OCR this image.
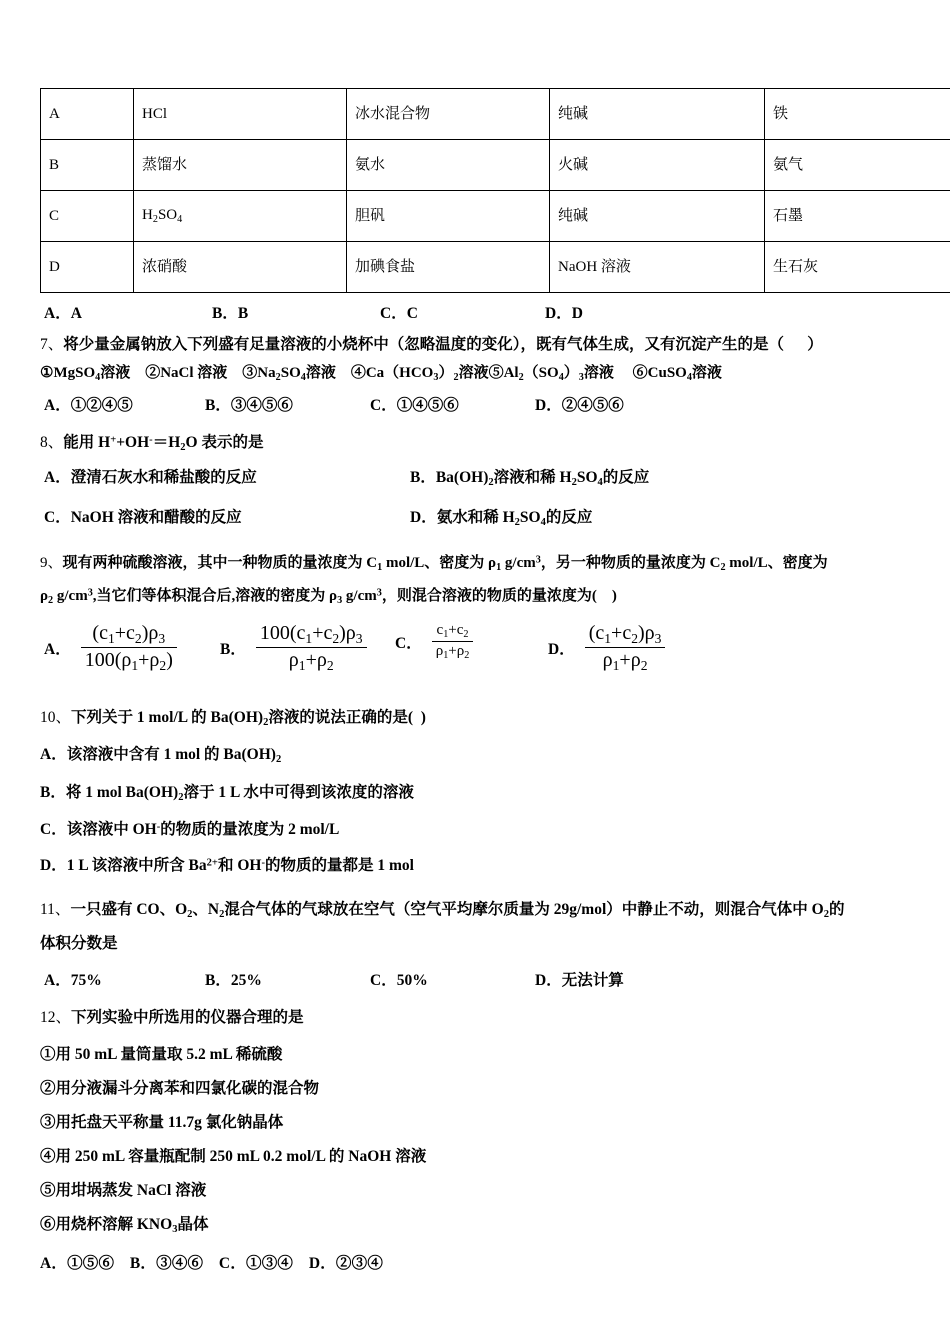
A	HCl	冰水混合物	纯碱	铁
B	蒸馏水	氨水	火碱	氨气
C	$H_2SO_4$	胆矾	纯碱	石墨
D	浓硝酸	加碘食盐	NaOH 溶液	生石灰
A．A	B．B	C．C	D．D
7、将少量金属钠放入下列盛有足量溶液的小烧杯中（忽略温度的变化），既有气体生成，又有沉淀产生的是（      ）
①MgSO$_4$溶液    ②NaCl 溶液    $③Na_2SO_4$溶液    $④Ca(HCO_3)_2$溶液$⑤Al_2(SO_4)_3$溶液     ⑥CuSO$_4$溶液
A．①②④⑤	B．③④⑤⑥	C．①④⑤⑥	D．②④⑤⑥
8、能用 $H^++OH^-=H_2O$ 表示的是
A．澄清石灰水和稀盐酸的反应	B．$Ba(OH)_2$溶液和稀 $H_2SO_4$的反应
C．NaOH 溶液和醋酸的反应	D．氨水和稀 $H_2SO_4$的反应
9、现有两种硫酸溶液，其中一种物质的量浓度为 $C_1$ mol/L、密度为 $\rho_1$ $g/cm^3$，另一种物质的量浓度为 $C_2$ mol/L、密度为
$\rho_2$ $g/cm^3$,当它们等体积混合后,溶液的密度为 $\rho_3$ $g/cm^3$，则混合溶液的物质的量浓度为(    )
A． $\frac{(c_1+c_2)\rho_3}{100(\rho_1+\rho_2)}$	B． $\frac{100(c_1+c_2)\rho_3}{\rho_1+\rho_2}$ C． $\frac{c_1+c_2}{\rho_1+\rho_2}$	D． $\frac{(c_1+c_2)\rho_3}{\rho_1+\rho_2}$
10、下列关于 1 mol/L 的 $Ba(OH)_2$溶液的说法正确的是(  )
A．该溶液中含有 1 mol 的 $Ba(OH)_2$
B．将 1 mol $Ba(OH)_2$溶于 1 L 水中可得到该浓度的溶液
C．该溶液中 OH-的物质的量浓度为 2 mol/L
D．1 L 该溶液中所含 $Ba^{2+}$和 OH-的物质的量都是 1 mol
11、一只盛有 CO、$O_2$、$N_2$混合气体的气球放在空气（空气平均摩尔质量为 29g/mol）中静止不动，则混合气体中 $O_2$的
体积分数是
A．75%	B．25%	C．50%	D．无法计算
12、下列实验中所选用的仪器合理的是
①用 50 mL 量筒量取 5.2 mL 稀硫酸
②用分液漏斗分离苯和四氯化碳的混合物
③用托盘天平称量 11.7g 氯化钠晶体
④用 250 mL 容量瓶配制 250 mL 0.2 mol/L 的 NaOH 溶液
⑤用坩埚蒸发 NaCl 溶液
⑥用烧杯溶解 $KNO_3$晶体
A．①⑤⑥　B．③④⑥　C．①③④　D．②③④
